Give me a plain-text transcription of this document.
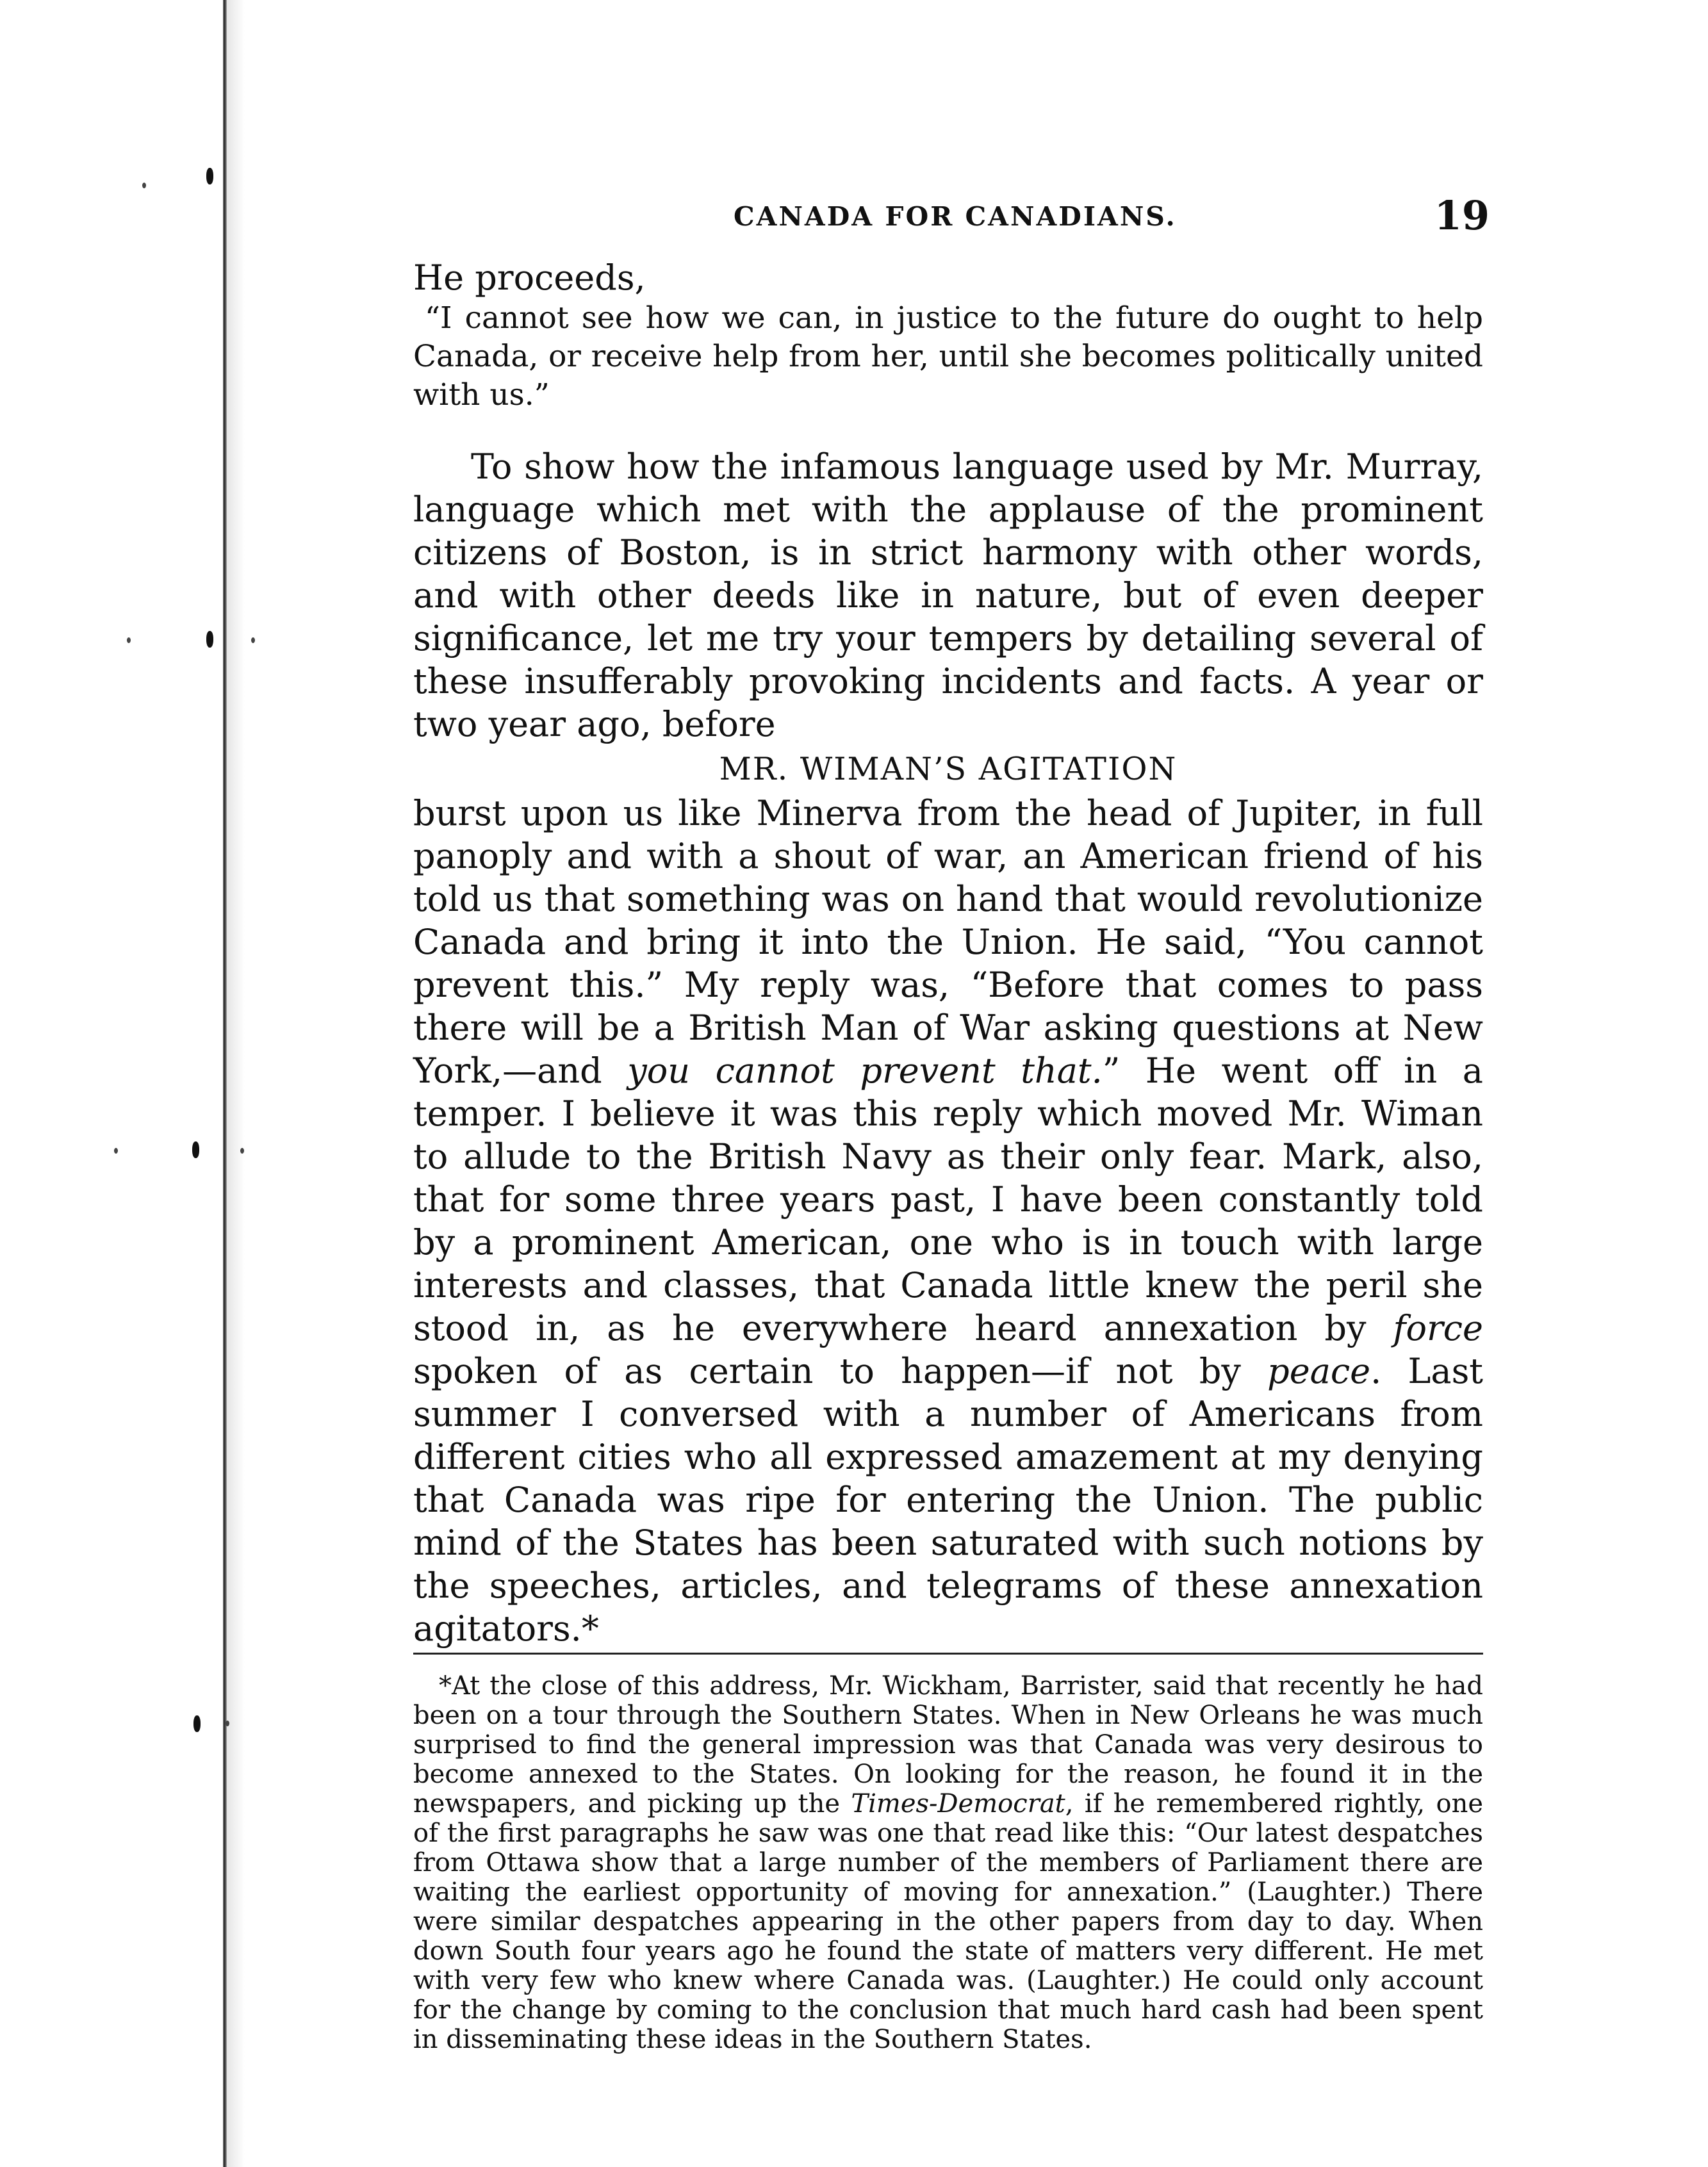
CANADA FOR CANADIANS.	19

He proceeds,

“I cannot see how we can, in justice to the future do ought to help Canada, or receive help from her, until she becomes politically united with us.”

To show how the infamous language used by Mr. Murray, language which met with the applause of the prominent citizens of Boston, is in strict harmony with other words, and with other deeds like in nature, but of even deeper significance, let me try your tempers by detailing several of these insufferably provoking incidents and facts. A year or two year ago, before

MR. WIMAN’S AGITATION

burst upon us like Minerva from the head of Jupiter, in full panoply and with a shout of war, an American friend of his told us that something was on hand that would revolutionize Canada and bring it into the Union. He said, “You cannot prevent this.” My reply was, “Before that comes to pass there will be a British Man of War asking questions at New York,—and you cannot prevent that.” He went off in a temper. I believe it was this reply which moved Mr. Wiman to allude to the British Navy as their only fear. Mark, also, that for some three years past, I have been constantly told by a prominent American, one who is in touch with large interests and classes, that Canada little knew the peril she stood in, as he everywhere heard annexation by force spoken of as certain to happen—if not by peace. Last summer I conversed with a number of Americans from different cities who all expressed amazement at my denying that Canada was ripe for entering the Union. The public mind of the States has been saturated with such notions by the speeches, articles, and telegrams of these annexation agitators.*

*At the close of this address, Mr. Wickham, Barrister, said that recently he had been on a tour through the Southern States. When in New Orleans he was much surprised to find the general impression was that Canada was very desirous to become annexed to the States. On looking for the reason, he found it in the newspapers, and picking up the Times-Democrat, if he remembered rightly, one of the first paragraphs he saw was one that read like this: “Our latest despatches from Ottawa show that a large number of the members of Parliament there are waiting the earliest opportunity of moving for annexation.” (Laughter.) There were similar despatches appearing in the other papers from day to day. When down South four years ago he found the state of matters very different. He met with very few who knew where Canada was. (Laughter.) He could only account for the change by coming to the conclusion that much hard cash had been spent in disseminating these ideas in the Southern States.
